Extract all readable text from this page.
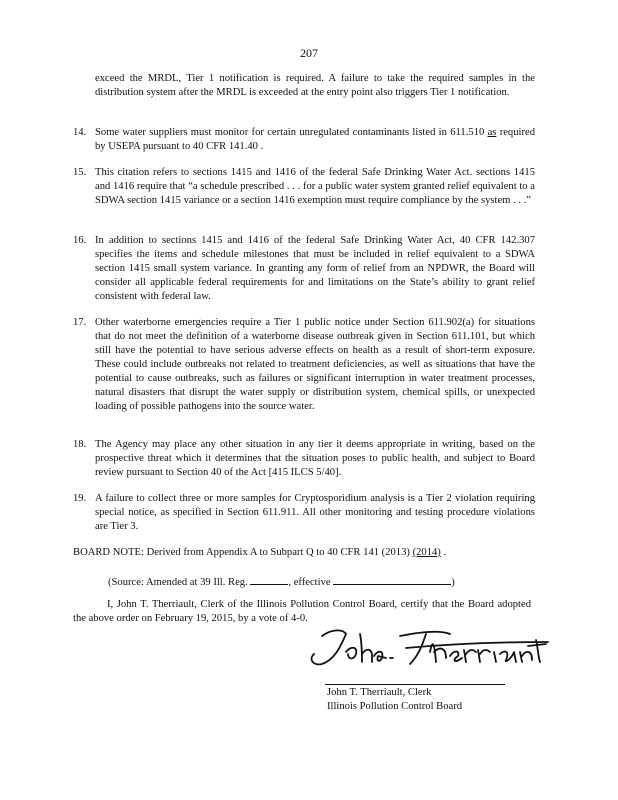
207
exceed the MRDL, Tier 1 notification is required. A failure to take the required samples in the distribution system after the MRDL is exceeded at the entry point also triggers Tier 1 notification.
14. Some water suppliers must monitor for certain unregulated contaminants listed in 611.510 as required by USEPA pursuant to 40 CFR 141.40 .
15. This citation refers to sections 1415 and 1416 of the federal Safe Drinking Water Act. sections 1415 and 1416 require that “a schedule prescribed . . . for a public water system granted relief equivalent to a SDWA section 1415 variance or a section 1416 exemption must require compliance by the system . . .”
16. In addition to sections 1415 and 1416 of the federal Safe Drinking Water Act, 40 CFR 142.307 specifies the items and schedule milestones that must be included in relief equivalent to a SDWA section 1415 small system variance. In granting any form of relief from an NPDWR, the Board will consider all applicable federal requirements for and limitations on the State’s ability to grant relief consistent with federal law.
17. Other waterborne emergencies require a Tier 1 public notice under Section 611.902(a) for situations that do not meet the definition of a waterborne disease outbreak given in Section 611.101, but which still have the potential to have serious adverse effects on health as a result of short-term exposure. These could include outbreaks not related to treatment deficiencies, as well as situations that have the potential to cause outbreaks, such as failures or significant interruption in water treatment processes, natural disasters that disrupt the water supply or distribution system, chemical spills, or unexpected loading of possible pathogens into the source water.
18. The Agency may place any other situation in any tier it deems appropriate in writing, based on the prospective threat which it determines that the situation poses to public health, and subject to Board review pursuant to Section 40 of the Act [415 ILCS 5/40].
19. A failure to collect three or more samples for Cryptosporidium analysis is a Tier 2 violation requiring special notice, as specified in Section 611.911. All other monitoring and testing procedure violations are Tier 3.
BOARD NOTE: Derived from Appendix A to Subpart Q to 40 CFR 141 (2013) (2014) .
(Source: Amended at 39 Ill. Reg.	, effective	)
I, John T. Therriault, Clerk of the Illinois Pollution Control Board, certify that the Board adopted the above order on February 19, 2015, by a vote of 4-0.
John T. Therriault, Clerk
Illinois Pollution Control Board
